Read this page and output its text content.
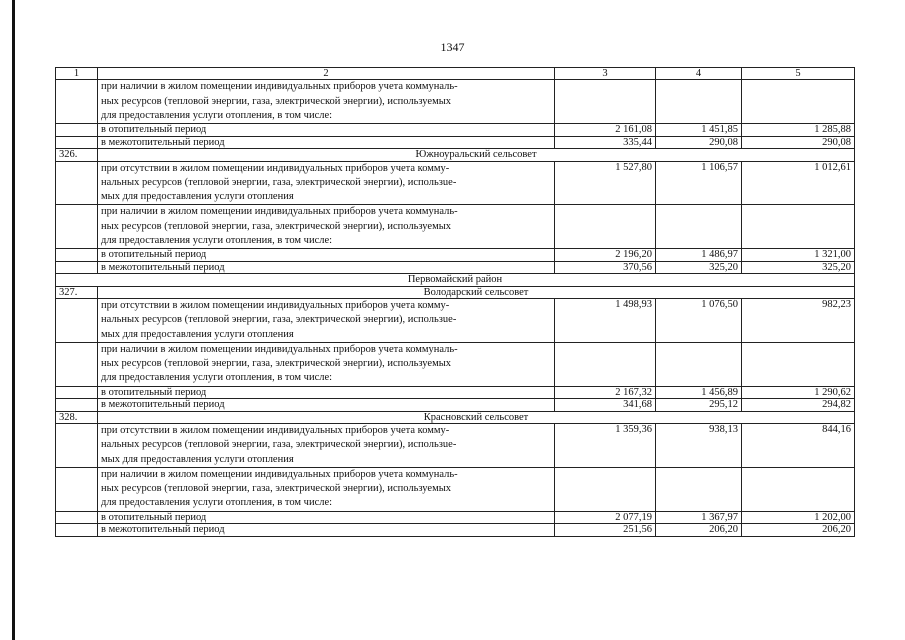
1347
1	2	3	4	5

	при наличии в жилом помещении индивидуальных приборов учета коммуналь-
ных ресурсов (тепловой энергии, газа, электрической энергии), используемых
для предоставления услуги отопления, в том числе:			

	в отопительный период	2 161,08	1 451,85	1 285,88
	в межотопительный период	335,44	290,08	290,08
326.	Южноуральский сельсовет			

	при отсутствии в жилом помещении индивидуальных приборов учета комму-
нальных ресурсов (тепловой энергии, газа, электрической энергии), использue-
мых для предоставления услуги отопления	1 527,80	1 106,57	1 012,61

	при наличии в жилом помещении индивидуальных приборов учета коммуналь-
ных ресурсов (тепловой энергии, газа, электрической энергии), используемых
для предоставления услуги отопления, в том числе:			

	в отопительный период	2 196,20	1 486,97	1 321,00
	в межотопительный период	370,56	325,20	325,20
Первомайский район				
327.	Володарский сельсовет			

	при отсутствии в жилом помещении индивидуальных приборов учета комму-
нальных ресурсов (тепловой энергии, газа, электрической энергии), использue-
мых для предоставления услуги отопления	1 498,93	1 076,50	982,23

	при наличии в жилом помещении индивидуальных приборов учета коммуналь-
ных ресурсов (тепловой энергии, газа, электрической энергии), используемых
для предоставления услуги отопления, в том числе:			

	в отопительный период	2 167,32	1 456,89	1 290,62
	в межотопительный период	341,68	295,12	294,82
328.	Красновский сельсовет			

	при отсутствии в жилом помещении индивидуальных приборов учета комму-
нальных ресурсов (тепловой энергии, газа, электрической энергии), использue-
мых для предоставления услуги отопления	1 359,36	938,13	844,16

	при наличии в жилом помещении индивидуальных приборов учета коммуналь-
ных ресурсов (тепловой энергии, газа, электрической энергии), используемых
для предоставления услуги отопления, в том числе:			

	в отопительный период	2 077,19	1 367,97	1 202,00
	в межотопительный период	251,56	206,20	206,20
